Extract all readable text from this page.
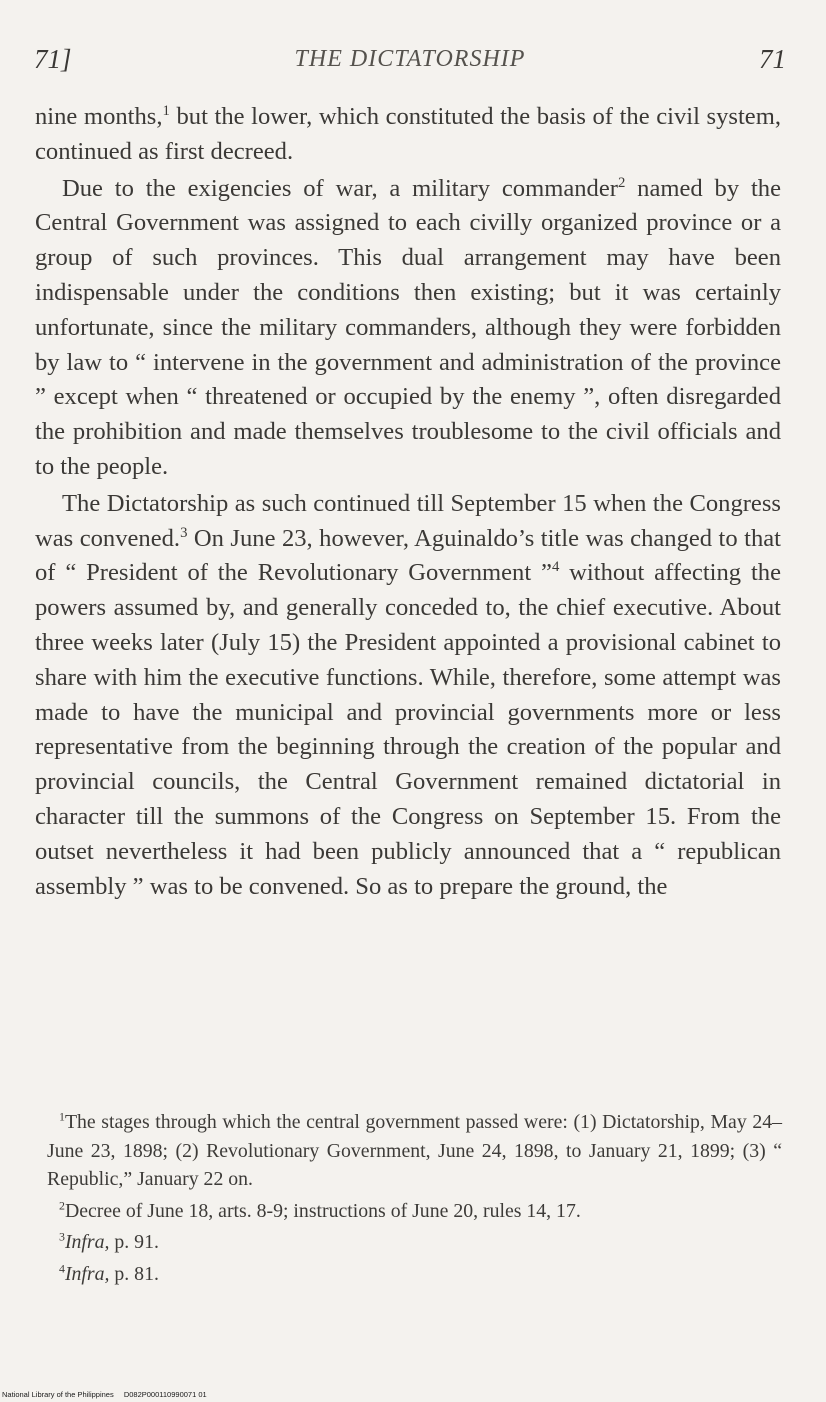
71]	THE DICTATORSHIP	71

nine months,$^1$ but the lower, which constituted the basis of the civil system, continued as first decreed.

Due to the exigencies of war, a military commander$^2$ named by the Central Government was assigned to each civilly organized province or a group of such provinces. This dual arrangement may have been indispensable under the conditions then existing; but it was certainly unfortunate, since the military commanders, although they were forbidden by law to “ intervene in the government and administration of the province ” except when “ threatened or occupied by the enemy ”, often disregarded the prohibition and made themselves troublesome to the civil officials and to the people.

The Dictatorship as such continued till September 15 when the Congress was convened.$^3$ On June 23, however, Aguinaldo’s title was changed to that of “ President of the Revolutionary Government ”$^4$ without affecting the powers assumed by, and generally conceded to, the chief executive. About three weeks later (July 15) the President appointed a provisional cabinet to share with him the executive functions. While, therefore, some attempt was made to have the municipal and provincial governments more or less representative from the beginning through the creation of the popular and provincial councils, the Central Government remained dictatorial in character till the summons of the Congress on September 15. From the outset nevertheless it had been publicly announced that a “ republican assembly ” was to be convened. So as to prepare the ground, the

$^1$The stages through which the central government passed were: (1) Dictatorship, May 24–June 23, 1898; (2) Revolutionary Government, June 24, 1898, to January 21, 1899; (3) “ Republic,” January 22 on.

$^2$Decree of June 18, arts. 8-9; instructions of June 20, rules 14, 17.

$^3$Infra, p. 91.

$^4$Infra, p. 81.

National Library of the Philippines D082P000110990071 01
